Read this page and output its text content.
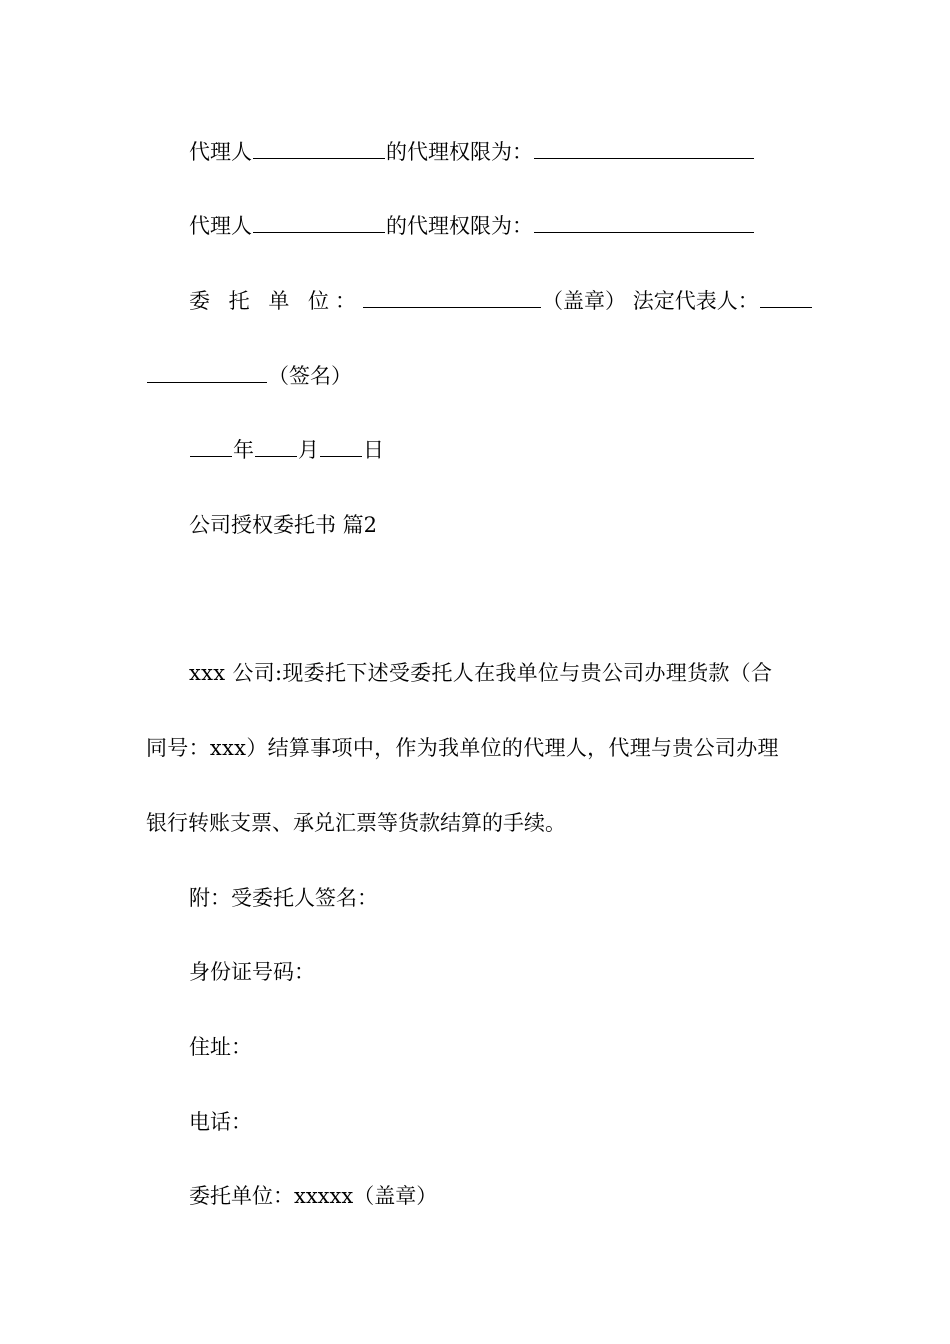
代理人	的代理权限为：
代理人	的代理权限为：
委 托 单 位：	（盖章） 法定代表人：
（签名）
年 月 日
公司授权委托书 篇2
xxx 公司:现委托下述受委托人在我单位与贵公司办理货款（合
同号：xxx）结算事项中，作为我单位的代理人，代理与贵公司办理
银行转账支票、承兑汇票等货款结算的手续。
附：受委托人签名：
身份证号码：
住址：
电话：
委托单位：xxxxx（盖章）
